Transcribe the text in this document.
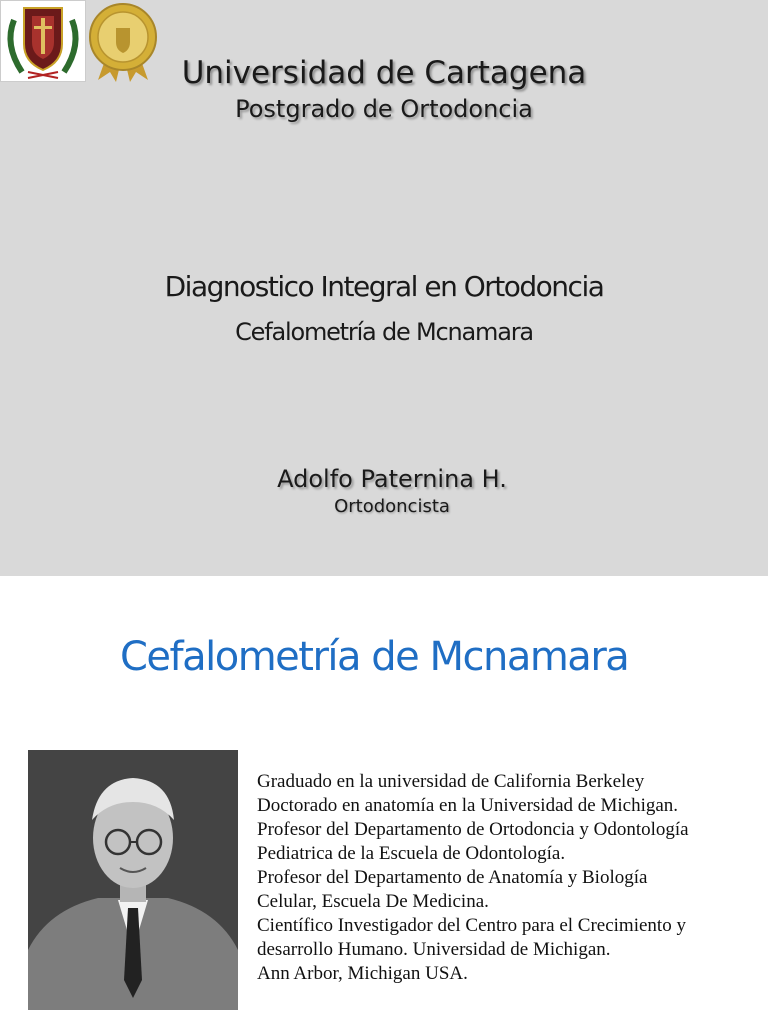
Universidad de Cartagena
Postgrado de Ortodoncia
Diagnostico Integral en Ortodoncia
Cefalometría de Mcnamara
Adolfo Paternina H.
Ortodoncista
Cefalometría de Mcnamara
Graduado en la universidad de California Berkeley
Doctorado en anatomía en la Universidad de Michigan.
Profesor del Departamento de Ortodoncia y Odontología
Pediatrica de la Escuela de Odontología.
Profesor del Departamento de Anatomía y Biología
Celular, Escuela De Medicina.
Científico Investigador del Centro para el Crecimiento y
desarrollo Humano. Universidad de Michigan.
Ann Arbor, Michigan USA.
